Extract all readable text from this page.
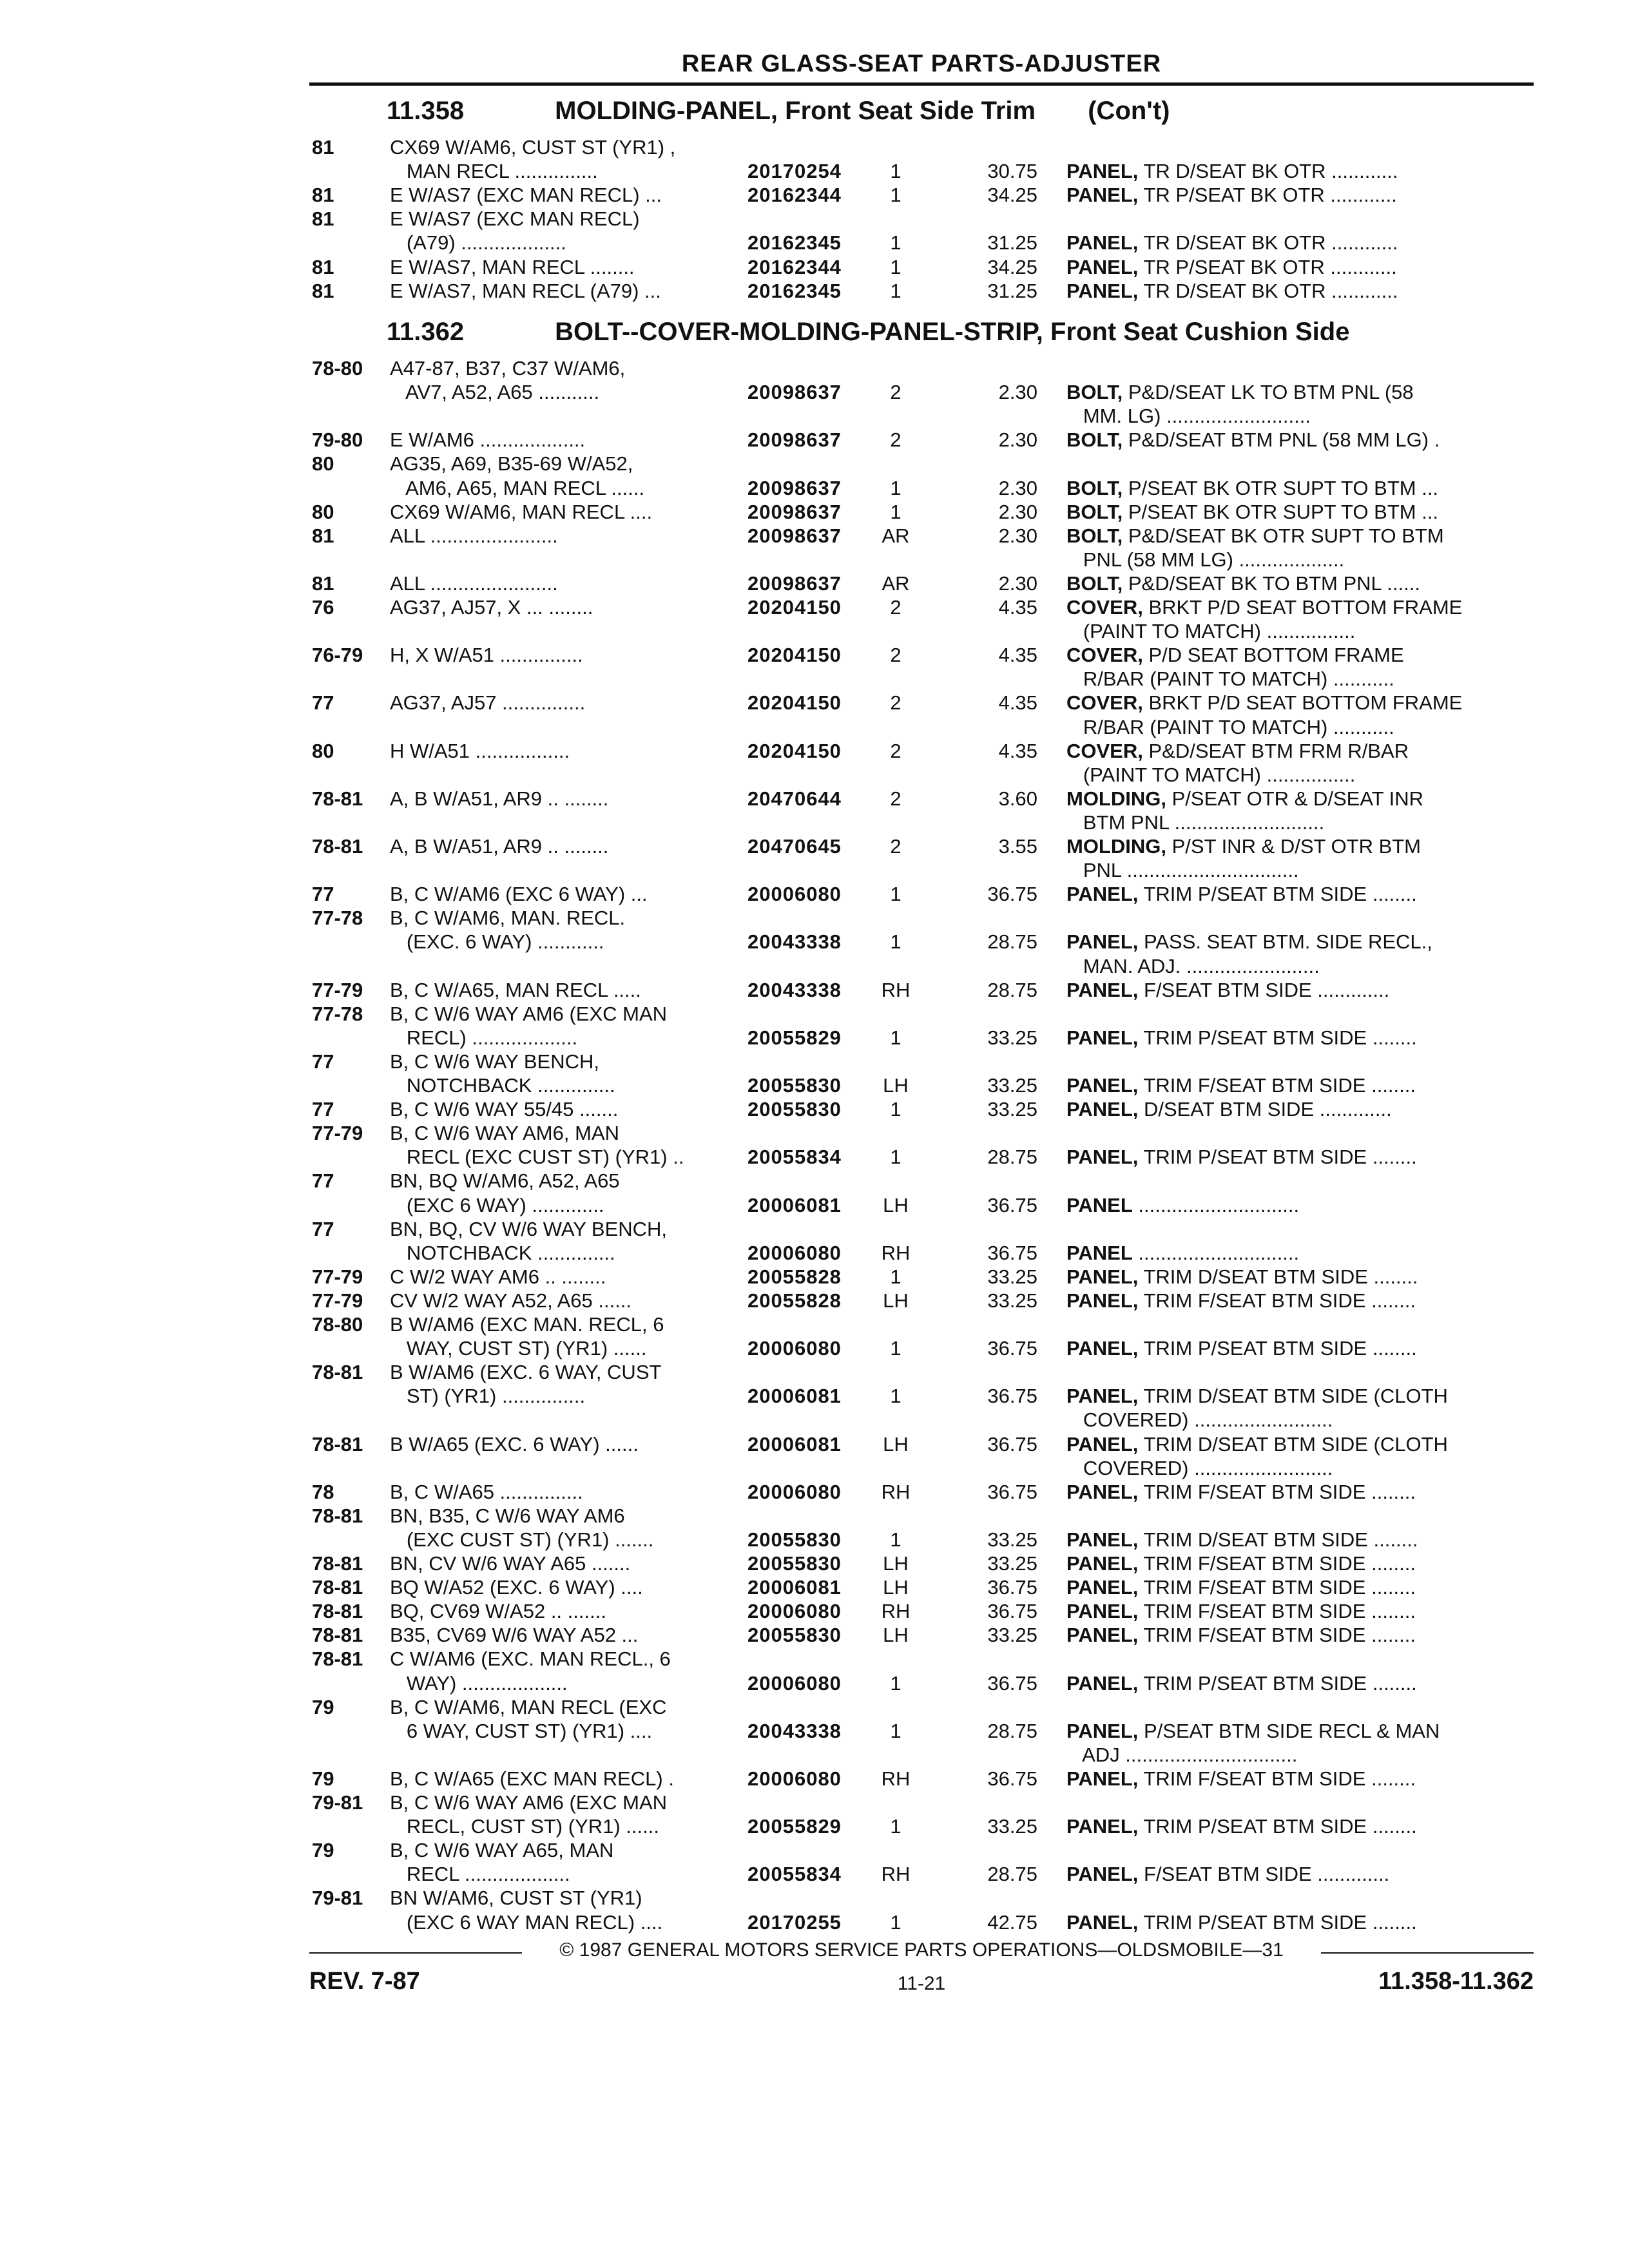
REAR GLASS-SEAT PARTS-ADJUSTER
11.358	MOLDING-PANEL, Front Seat Side Trim (Con't)
11.362	BOLT--COVER-MOLDING-PANEL-STRIP, Front Seat Cushion Side
81	CX69 W/AM6, CUST ST (YR1) ,
MAN RECL ...............	20170254	1	30.75 PANEL, TR D/SEAT BK OTR ............
81	E W/AS7 (EXC MAN RECL) ...	20162344	1	34.25 PANEL, TR P/SEAT BK OTR ............
81	E W/AS7 (EXC MAN RECL)
(A79) ...................	20162345	1	31.25 PANEL, TR D/SEAT BK OTR ............
81	E W/AS7, MAN RECL ........	20162344	1	34.25 PANEL, TR P/SEAT BK OTR ............
81	E W/AS7, MAN RECL (A79) ...	20162345	1	31.25 PANEL, TR D/SEAT BK OTR ............
78-80	A47-87, B37, C37 W/AM6,
AV7, A52, A65 ...........	20098637	2	2.30 BOLT, P&D/SEAT LK TO BTM PNL (58
MM. LG) ..........................
79-80	E W/AM6 ...................	20098637	2	2.30 BOLT, P&D/SEAT BTM PNL (58 MM LG) .
80	AG35, A69, B35-69 W/A52,
AM6, A65, MAN RECL ......	20098637	1	2.30 BOLT, P/SEAT BK OTR SUPT TO BTM ...
80	CX69 W/AM6, MAN RECL ....	20098637	1	2.30 BOLT, P/SEAT BK OTR SUPT TO BTM ...
81	ALL .......................	20098637	AR	2.30 BOLT, P&D/SEAT BK OTR SUPT TO BTM
PNL (58 MM LG) ...................
81	ALL .......................	20098637	AR	2.30 BOLT, P&D/SEAT BK TO BTM PNL ......
76	AG37, AJ57, X ... ........	20204150	2	4.35 COVER, BRKT P/D SEAT BOTTOM FRAME
(PAINT TO MATCH) ................
76-79	H, X W/A51 ...............	20204150	2	4.35 COVER, P/D SEAT BOTTOM FRAME
R/BAR (PAINT TO MATCH) ...........
77	AG37, AJ57 ...............	20204150	2	4.35 COVER, BRKT P/D SEAT BOTTOM FRAME
R/BAR (PAINT TO MATCH) ...........
80	H W/A51 .................	20204150	2	4.35 COVER, P&D/SEAT BTM FRM R/BAR
(PAINT TO MATCH) ................
78-81	A, B W/A51, AR9 .. ........	20470644	2	3.60 MOLDING, P/SEAT OTR & D/SEAT INR
BTM PNL ...........................
78-81	A, B W/A51, AR9 .. ........	20470645	2	3.55 MOLDING, P/ST INR & D/ST OTR BTM
PNL ...............................
77	B, C W/AM6 (EXC 6 WAY) ...	20006080	1	36.75 PANEL, TRIM P/SEAT BTM SIDE ........
77-78	B, C W/AM6, MAN. RECL.
(EXC. 6 WAY) ............	20043338	1	28.75 PANEL, PASS. SEAT BTM. SIDE RECL.,
MAN. ADJ. ........................
77-79	B, C W/A65, MAN RECL .....	20043338	RH	28.75 PANEL, F/SEAT BTM SIDE .............
77-78	B, C W/6 WAY AM6 (EXC MAN
RECL) ...................	20055829	1	33.25 PANEL, TRIM P/SEAT BTM SIDE ........
77	B, C W/6 WAY BENCH,
NOTCHBACK ..............	20055830	LH	33.25 PANEL, TRIM F/SEAT BTM SIDE ........
77	B, C W/6 WAY 55/45 .......	20055830	1	33.25 PANEL, D/SEAT BTM SIDE .............
77-79	B, C W/6 WAY AM6, MAN
RECL (EXC CUST ST) (YR1) ..	20055834	1	28.75 PANEL, TRIM P/SEAT BTM SIDE ........
77	BN, BQ W/AM6, A52, A65
(EXC 6 WAY) .............	20006081	LH	36.75 PANEL .............................
77	BN, BQ, CV W/6 WAY BENCH,
NOTCHBACK ..............	20006080	RH	36.75 PANEL .............................
77-79	C W/2 WAY AM6 .. ........	20055828	1	33.25 PANEL, TRIM D/SEAT BTM SIDE ........
77-79	CV W/2 WAY A52, A65 ......	20055828	LH	33.25 PANEL, TRIM F/SEAT BTM SIDE ........
78-80	B W/AM6 (EXC MAN. RECL, 6
WAY, CUST ST) (YR1) ......	20006080	1	36.75 PANEL, TRIM P/SEAT BTM SIDE ........
78-81	B W/AM6 (EXC. 6 WAY, CUST
ST) (YR1) ...............	20006081	1	36.75 PANEL, TRIM D/SEAT BTM SIDE (CLOTH
COVERED) .........................
78-81	B W/A65 (EXC. 6 WAY) ......	20006081	LH	36.75 PANEL, TRIM D/SEAT BTM SIDE (CLOTH
COVERED) .........................
78	B, C W/A65 ...............	20006080	RH	36.75 PANEL, TRIM F/SEAT BTM SIDE ........
78-81	BN, B35, C W/6 WAY AM6
(EXC CUST ST) (YR1) .......	20055830	1	33.25 PANEL, TRIM D/SEAT BTM SIDE ........
78-81	BN, CV W/6 WAY A65 .......	20055830	LH	33.25 PANEL, TRIM F/SEAT BTM SIDE ........
78-81	BQ W/A52 (EXC. 6 WAY) ....	20006081	LH	36.75 PANEL, TRIM F/SEAT BTM SIDE ........
78-81	BQ, CV69 W/A52 .. .......	20006080	RH	36.75 PANEL, TRIM F/SEAT BTM SIDE ........
78-81	B35, CV69 W/6 WAY A52 ...	20055830	LH	33.25 PANEL, TRIM F/SEAT BTM SIDE ........
78-81	C W/AM6 (EXC. MAN RECL., 6
WAY) ...................	20006080	1	36.75 PANEL, TRIM P/SEAT BTM SIDE ........
79	B, C W/AM6, MAN RECL (EXC
6 WAY, CUST ST) (YR1) ....	20043338	1	28.75 PANEL, P/SEAT BTM SIDE RECL & MAN
ADJ ...............................
79	B, C W/A65 (EXC MAN RECL) .	20006080	RH	36.75 PANEL, TRIM F/SEAT BTM SIDE ........
79-81	B, C W/6 WAY AM6 (EXC MAN
RECL, CUST ST) (YR1) ......	20055829	1	33.25 PANEL, TRIM P/SEAT BTM SIDE ........
79	B, C W/6 WAY A65, MAN
RECL ...................	20055834	RH	28.75 PANEL, F/SEAT BTM SIDE .............
79-81	BN W/AM6, CUST ST (YR1)
(EXC 6 WAY MAN RECL) ....	20170255	1	42.75 PANEL, TRIM P/SEAT BTM SIDE ........
© 1987 GENERAL MOTORS SERVICE PARTS OPERATIONS—OLDSMOBILE—31
REV. 7-87	11-21	11.358-11.362
